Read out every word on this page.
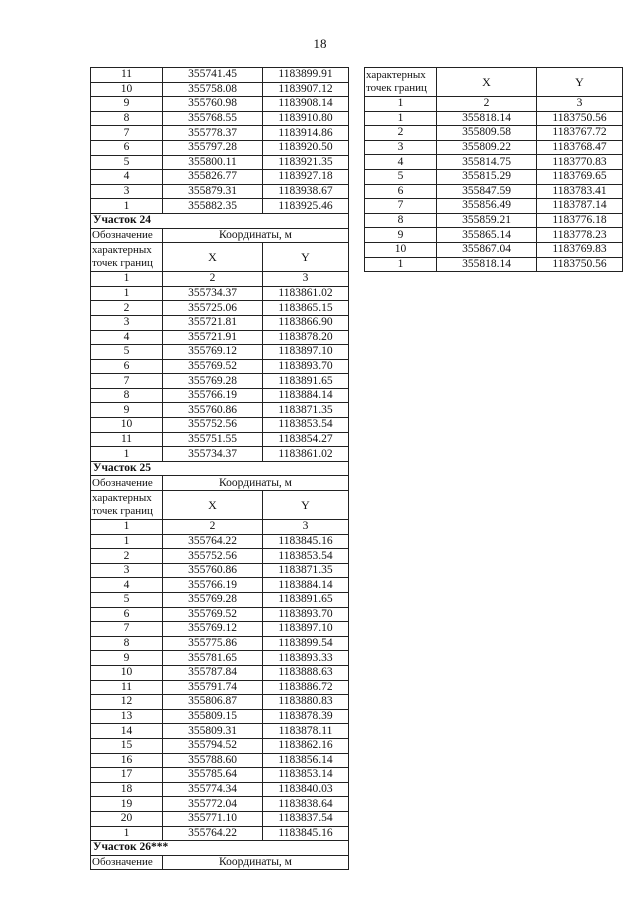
18
11	355741.45	1183899.91
10	355758.08	1183907.12
9	355760.98	1183908.14
8	355768.55	1183910.80
7	355778.37	1183914.86
6	355797.28	1183920.50
5	355800.11	1183921.35
4	355826.77	1183927.18
3	355879.31	1183938.67
1	355882.35	1183925.46
Участок 24		
Обозначение	Координаты, м	
характерных точек границ	X	Y
1	2	3
1	355734.37	1183861.02
2	355725.06	1183865.15
3	355721.81	1183866.90
4	355721.91	1183878.20
5	355769.12	1183897.10
6	355769.52	1183893.70
7	355769.28	1183891.65
8	355766.19	1183884.14
9	355760.86	1183871.35
10	355752.56	1183853.54
11	355751.55	1183854.27
1	355734.37	1183861.02
Участок 25		
Обозначение	Координаты, м	
характерных точек границ	X	Y
1	2	3
1	355764.22	1183845.16
2	355752.56	1183853.54
3	355760.86	1183871.35
4	355766.19	1183884.14
5	355769.28	1183891.65
6	355769.52	1183893.70
7	355769.12	1183897.10
8	355775.86	1183899.54
9	355781.65	1183893.33
10	355787.84	1183888.63
11	355791.74	1183886.72
12	355806.87	1183880.83
13	355809.15	1183878.39
14	355809.31	1183878.11
15	355794.52	1183862.16
16	355788.60	1183856.14
17	355785.64	1183853.14
18	355774.34	1183840.03
19	355772.04	1183838.64
20	355771.10	1183837.54
1	355764.22	1183845.16
Участок 26***		
Обозначение	Координаты, м	
характерных точек границ	X	Y
1	2	3
1	355818.14	1183750.56
2	355809.58	1183767.72
3	355809.22	1183768.47
4	355814.75	1183770.83
5	355815.29	1183769.65
6	355847.59	1183783.41
7	355856.49	1183787.14
8	355859.21	1183776.18
9	355865.14	1183778.23
10	355867.04	1183769.83
1	355818.14	1183750.56
